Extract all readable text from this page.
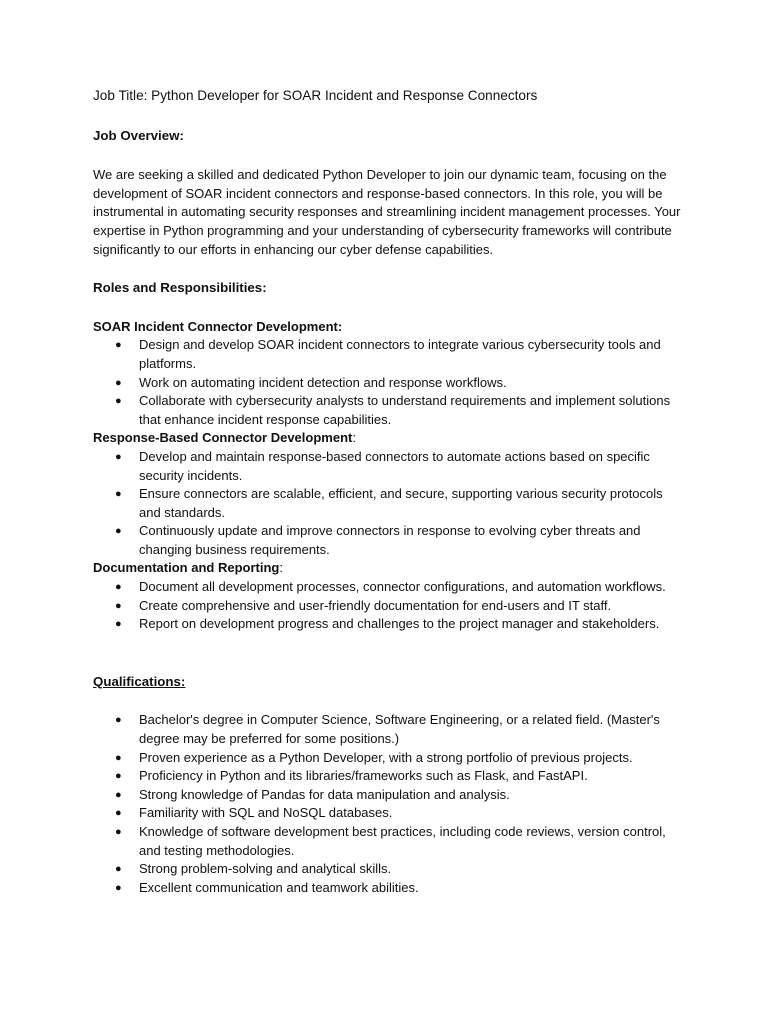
Job Title: Python Developer for SOAR Incident and Response Connectors

Job Overview:

We are seeking a skilled and dedicated Python Developer to join our dynamic team, focusing on the development of SOAR incident connectors and response-based connectors. In this role, you will be instrumental in automating security responses and streamlining incident management processes. Your expertise in Python programming and your understanding of cybersecurity frameworks will contribute significantly to our efforts in enhancing our cyber defense capabilities.

Roles and Responsibilities:

SOAR Incident Connector Development:

● Design and develop SOAR incident connectors to integrate various cybersecurity tools and platforms.
● Work on automating incident detection and response workflows.
● Collaborate with cybersecurity analysts to understand requirements and implement solutions that enhance incident response capabilities.

Response-Based Connector Development:

● Develop and maintain response-based connectors to automate actions based on specific security incidents.
● Ensure connectors are scalable, efficient, and secure, supporting various security protocols and standards.
● Continuously update and improve connectors in response to evolving cyber threats and changing business requirements.

Documentation and Reporting:

● Document all development processes, connector configurations, and automation workflows.
● Create comprehensive and user-friendly documentation for end-users and IT staff.
● Report on development progress and challenges to the project manager and stakeholders.

Qualifications:

● Bachelor's degree in Computer Science, Software Engineering, or a related field. (Master's degree may be preferred for some positions.)
● Proven experience as a Python Developer, with a strong portfolio of previous projects.
● Proficiency in Python and its libraries/frameworks such as Flask, and FastAPI.
● Strong knowledge of Pandas for data manipulation and analysis.
● Familiarity with SQL and NoSQL databases.
● Knowledge of software development best practices, including code reviews, version control, and testing methodologies.
● Strong problem-solving and analytical skills.
● Excellent communication and teamwork abilities.
